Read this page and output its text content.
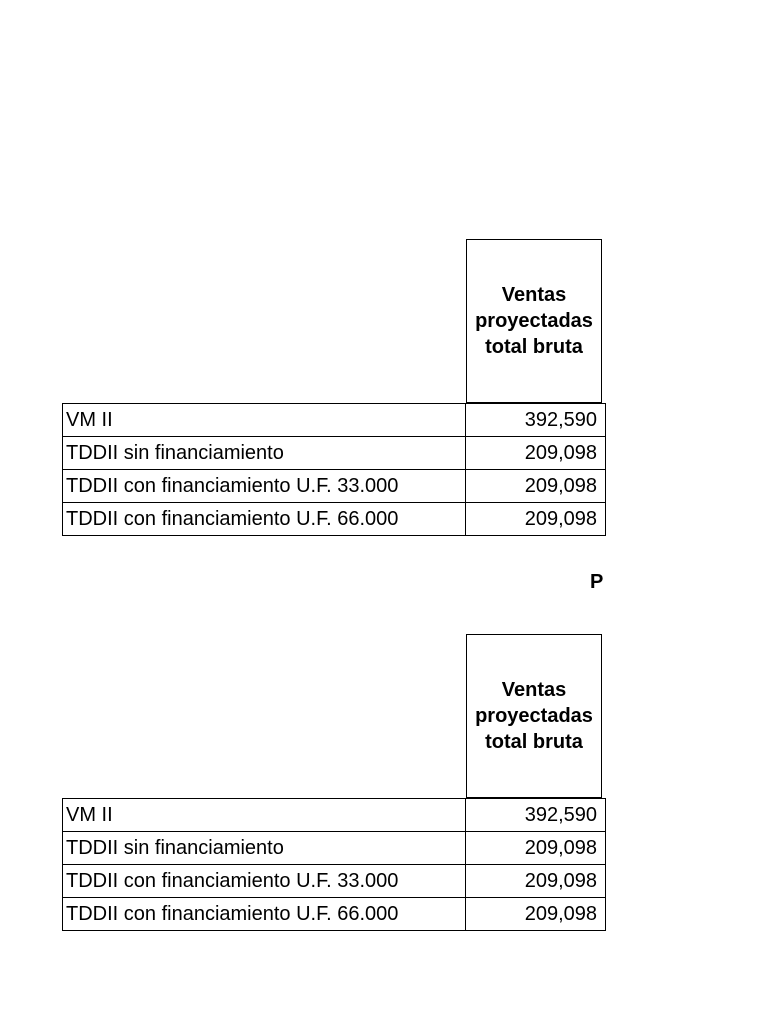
Ventas proyectadas total bruta
VM II	392,590
TDDII sin financiamiento	209,098
TDDII con financiamiento U.F. 33.000	209,098
TDDII con financiamiento U.F. 66.000	209,098
P
Ventas proyectadas total bruta
VM II	392,590
TDDII sin financiamiento	209,098
TDDII con financiamiento U.F. 33.000	209,098
TDDII con financiamiento U.F. 66.000	209,098
